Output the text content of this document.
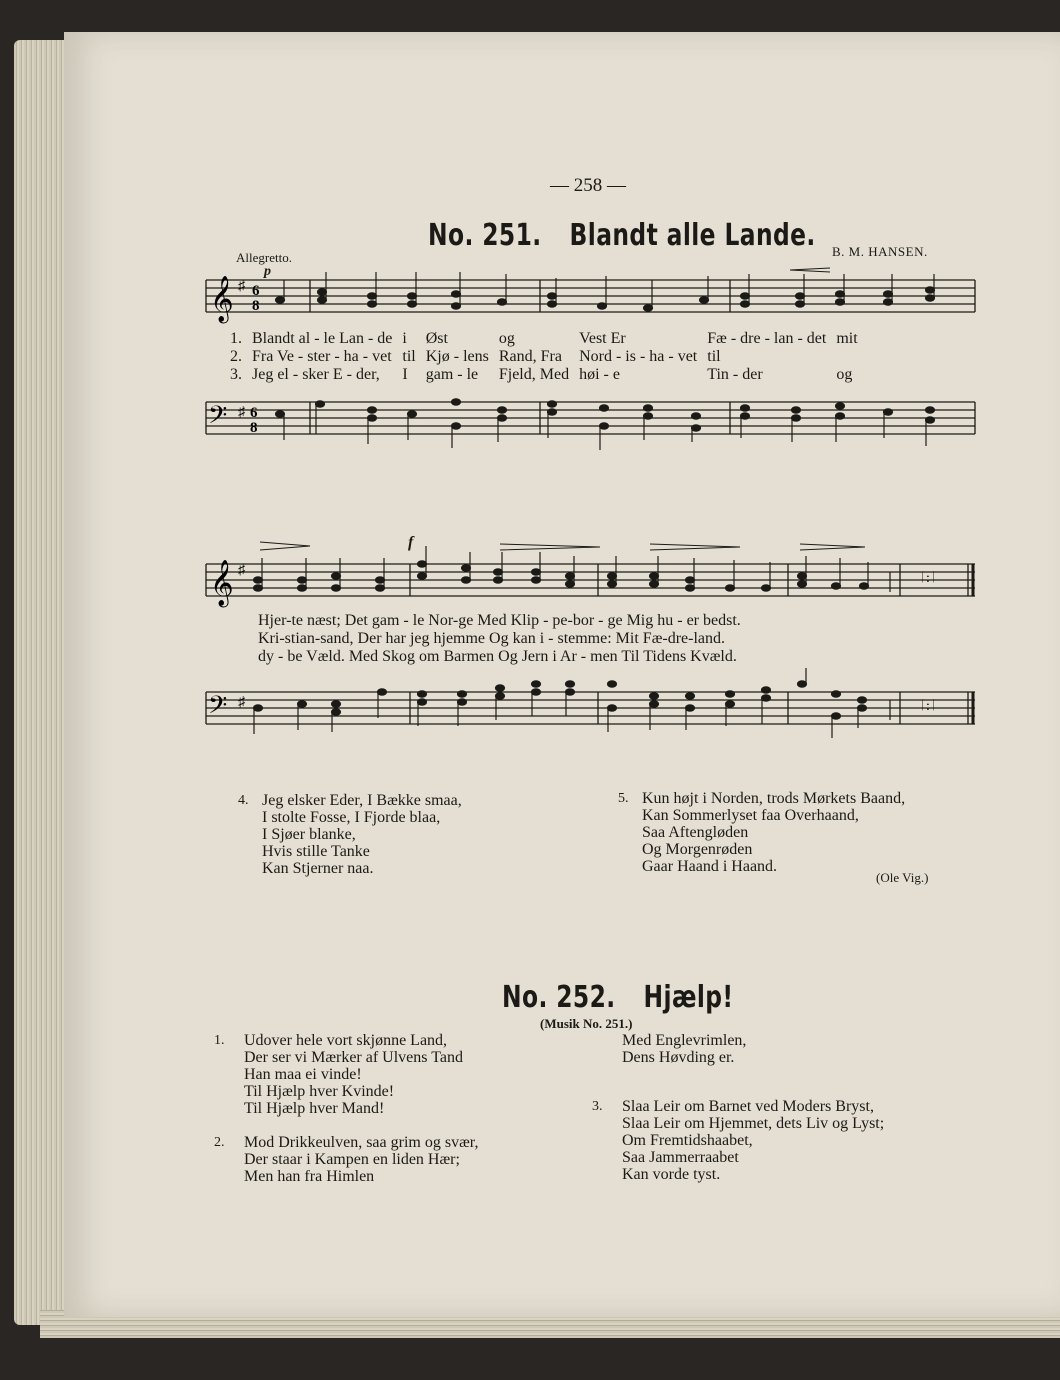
— 258 —
No. 251. Blandt alle Lande.
Allegretto.	B. M. HANSEN.
𝄞 ♯ 6
8
p
1.	Blandt al - le Lan - de	i	Øst	og	Vest Er	Fæ - dre - lan - det	mit
2.	Fra Ve - ster - ha - vet	til	Kjø - lens	Rand, Fra	Nord - is - ha - vet	til	
3.	Jeg el - sker E - der,	I	gam - le	Fjeld, Med	høi - e	Tin - der	og
𝄢 ♯ 6
8
𝄞 ♯
𝄀 : 𝄀
f
Hjer-te næst; Det gam - le Nor-ge Med Klip - pe-bor - ge Mig hu - er bedst.
Kri-stian-sand, Der har jeg hjemme Og kan i - stemme: Mit Fæ-dre-land.
dy - be Væld. Med Skog om Barmen Og Jern i Ar - men Til Tidens Kvæld.
𝄢 ♯	𝄀 : 𝄀
4. Jeg elsker Eder, I Bække smaa,
I stolte Fosse, I Fjorde blaa,
I Sjøer blanke,
Hvis stille Tanke
Kan Stjerner naa.
5. Kun højt i Norden, trods Mørkets Baand,
Kan Sommerlyset faa Overhaand,
Saa Aftengløden
Og Morgenrøden
Gaar Haand i Haand.
(Ole Vig.)
No. 252. Hjælp!
(Musik No. 251.)
1.	Udover hele vort skjønne Land,
Der ser vi Mærker af Ulvens Tand
Han maa ei vinde!
Til Hjælp hver Kvinde!
Til Hjælp hver Mand!
2.	Mod Drikkeulven, saa grim og svær,
Der staar i Kampen en liden Hær;
Men han fra Himlen
Med Englevrimlen,
Dens Høvding er.
3.	Slaa Leir om Barnet ved Moders Bryst,
Slaa Leir om Hjemmet, dets Liv og Lyst;
Om Fremtidshaabet,
Saa Jammerraabet
Kan vorde tyst.
